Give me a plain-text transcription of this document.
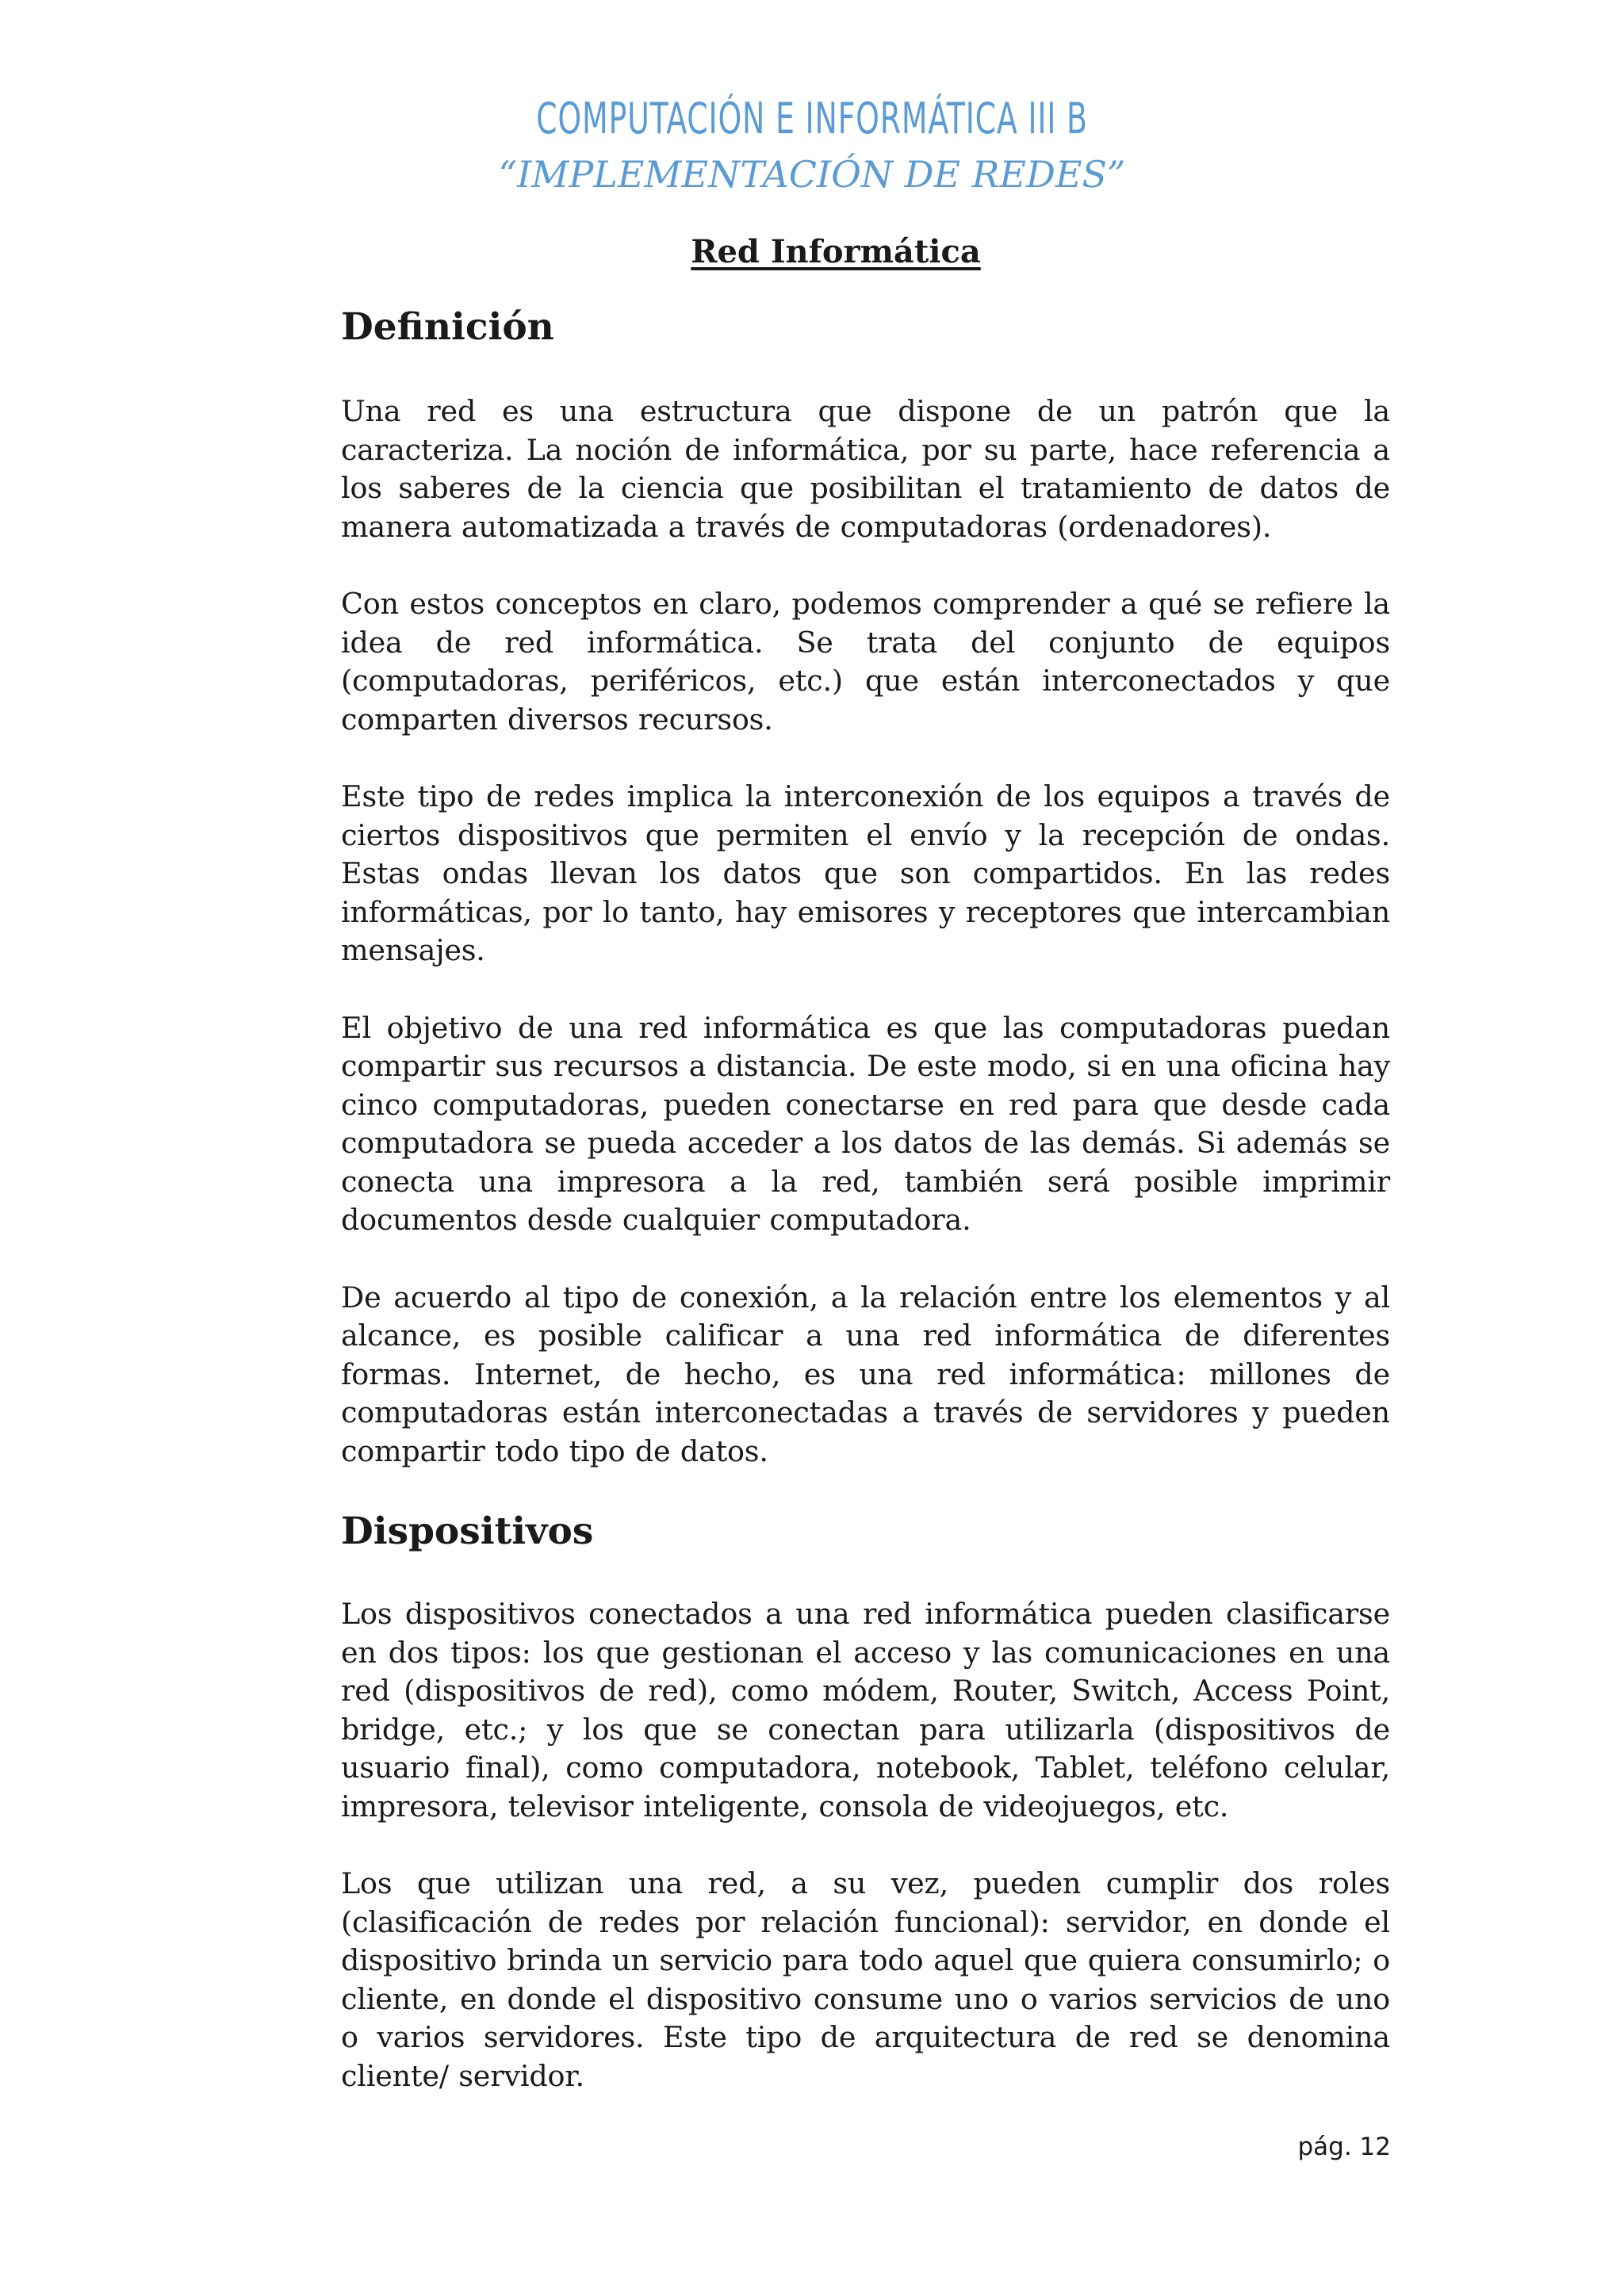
COMPUTACIÓN E INFORMÁTICA III B
“IMPLEMENTACIÓN DE REDES”
Red Informática
Definición

Una red es una estructura que dispone de un patrón que la caracteriza. La noción de informática, por su parte, hace referencia a los saberes de la ciencia que posibilitan el tratamiento de datos de manera automatizada a través de computadoras (ordenadores).

Con estos conceptos en claro, podemos comprender a qué se refiere la idea de red informática. Se trata del conjunto de equipos (computadoras, periféricos, etc.) que están interconectados y que comparten diversos recursos.

Este tipo de redes implica la interconexión de los equipos a través de ciertos dispositivos que permiten el envío y la recepción de ondas. Estas ondas llevan los datos que son compartidos. En las redes informáticas, por lo tanto, hay emisores y receptores que intercambian mensajes.

El objetivo de una red informática es que las computadoras puedan compartir sus recursos a distancia. De este modo, si en una oficina hay cinco computadoras, pueden conectarse en red para que desde cada computadora se pueda acceder a los datos de las demás. Si además se conecta una impresora a la red, también será posible imprimir documentos desde cualquier computadora.

De acuerdo al tipo de conexión, a la relación entre los elementos y al alcance, es posible calificar a una red informática de diferentes formas. Internet, de hecho, es una red informática: millones de computadoras están interconectadas a través de servidores y pueden compartir todo tipo de datos.

Dispositivos

Los dispositivos conectados a una red informática pueden clasificarse en dos tipos: los que gestionan el acceso y las comunicaciones en una red (dispositivos de red), como módem, Router, Switch, Access Point, bridge, etc.; y los que se conectan para utilizarla (dispositivos de usuario final), como computadora, notebook, Tablet, teléfono celular, impresora, televisor inteligente, consola de videojuegos, etc.

Los que utilizan una red, a su vez, pueden cumplir dos roles (clasificación de redes por relación funcional): servidor, en donde el dispositivo brinda un servicio para todo aquel que quiera consumirlo; o cliente, en donde el dispositivo consume uno o varios servicios de uno o varios servidores. Este tipo de arquitectura de red se denomina cliente/ servidor.

pág. 12
